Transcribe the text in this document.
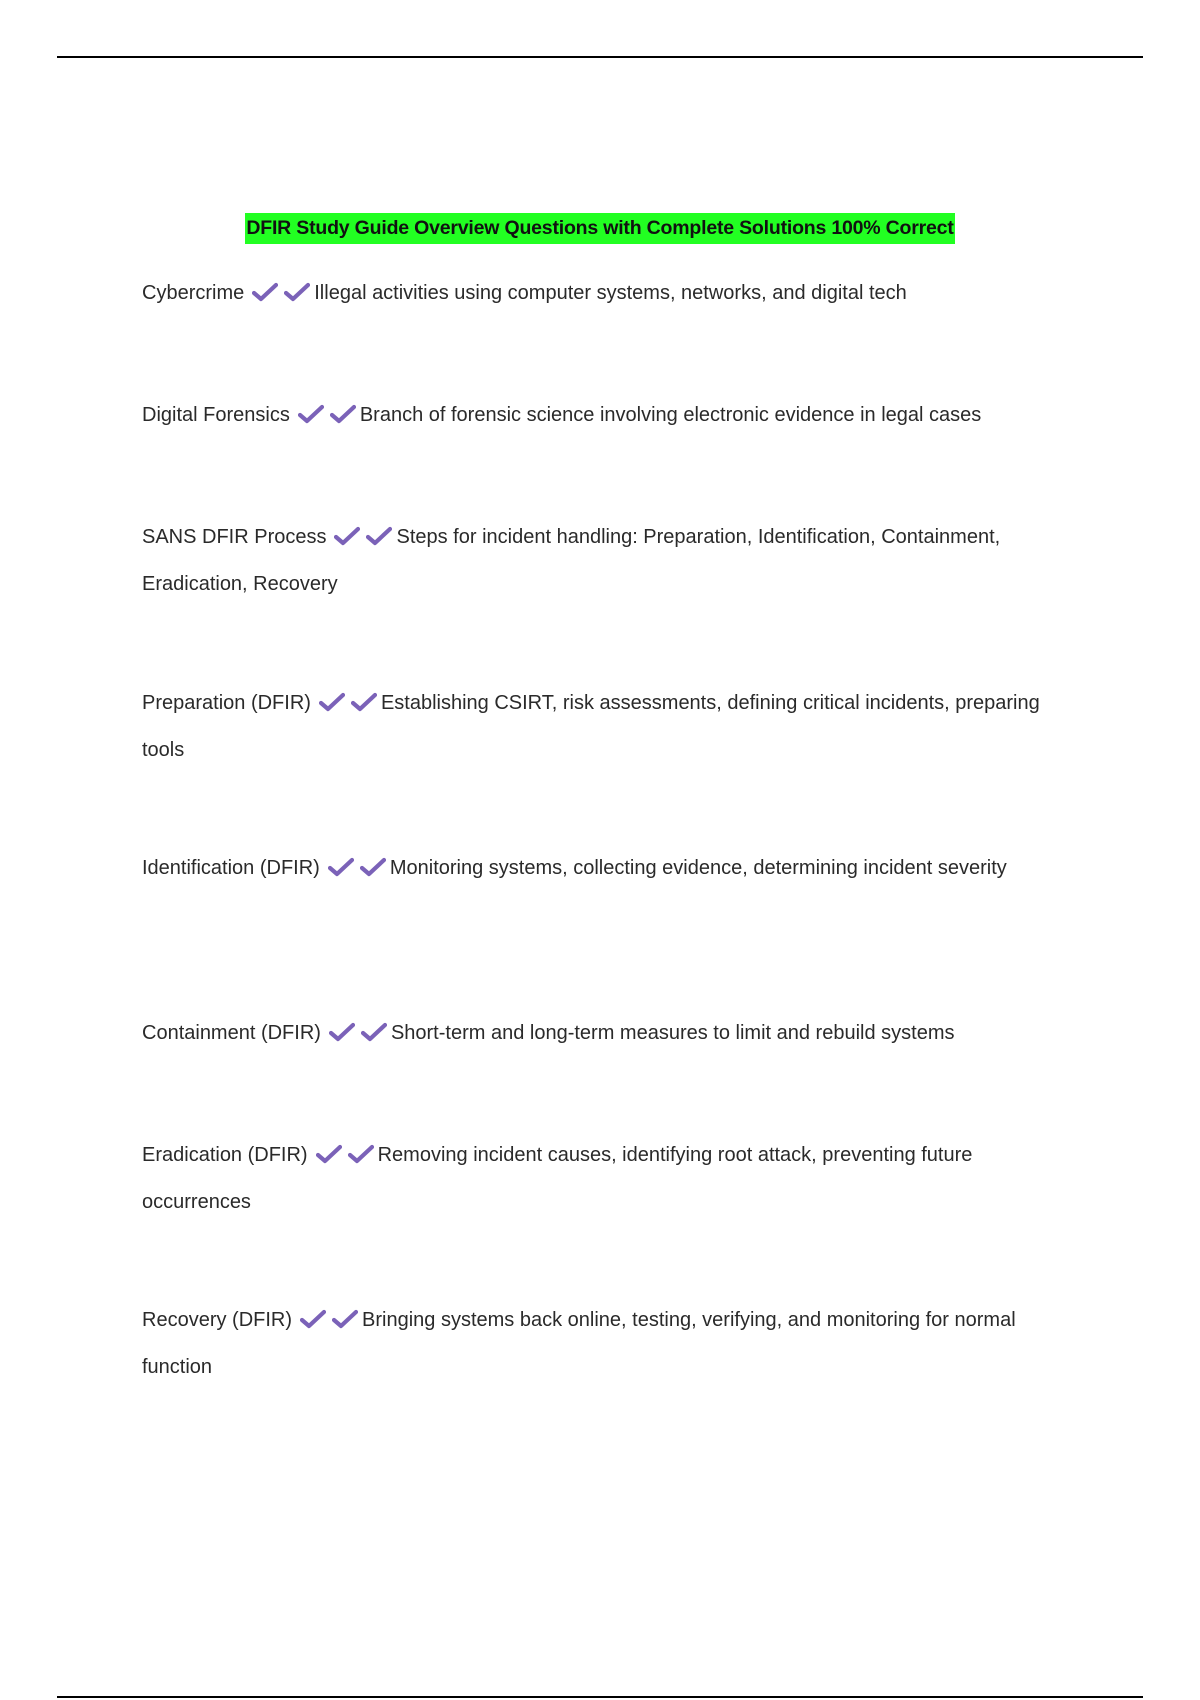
DFIR Study Guide Overview Questions with Complete Solutions 100% Correct
Cybercrime	Illegal activities using computer systems, networks, and digital tech
Digital Forensics	Branch of forensic science involving electronic evidence in legal cases
SANS DFIR Process	Steps for incident handling: Preparation, Identification, Containment, Eradication, Recovery
Preparation (DFIR)	Establishing CSIRT, risk assessments, defining critical incidents, preparing tools
Identification (DFIR)	Monitoring systems, collecting evidence, determining incident severity
Containment (DFIR)	Short-term and long-term measures to limit and rebuild systems
Eradication (DFIR)	Removing incident causes, identifying root attack, preventing future occurrences
Recovery (DFIR)	Bringing systems back online, testing, verifying, and monitoring for normal function
